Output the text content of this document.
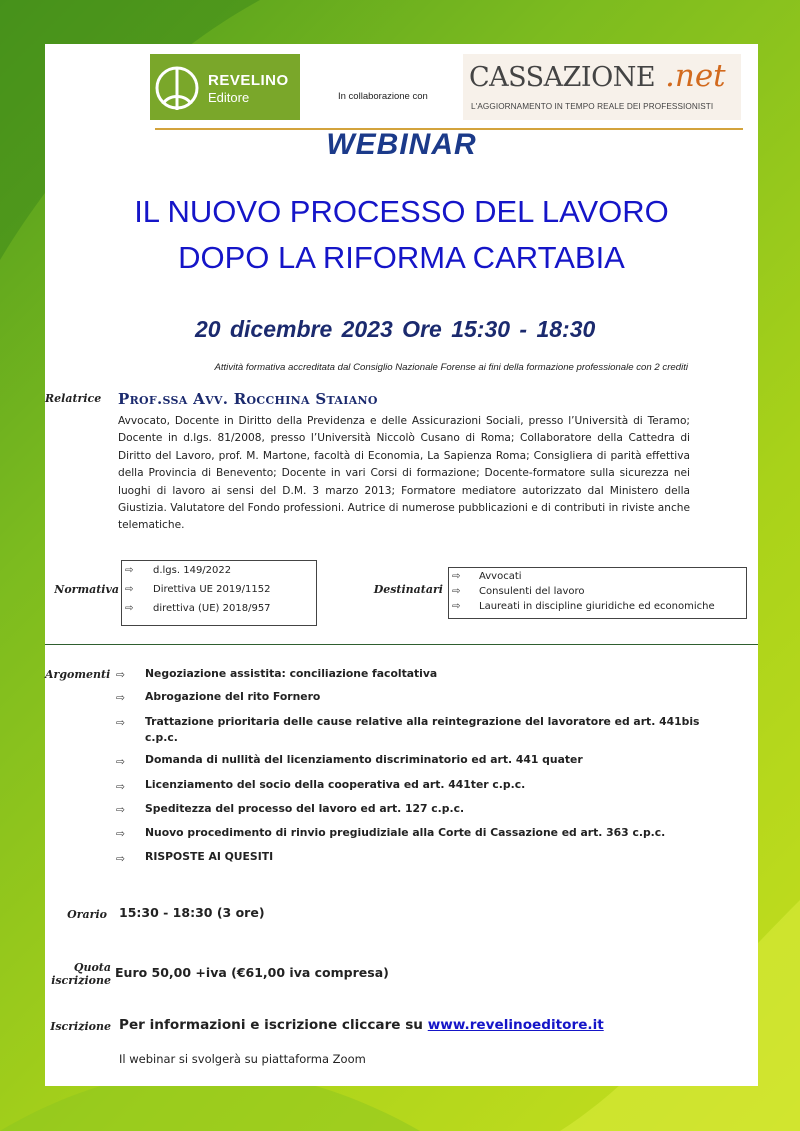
REVELINO
Editore	In collaborazione con
CASSAZIONE .net
L'AGGIORNAMENTO IN TEMPO REALE DEI PROFESSIONISTI
WEBINAR
IL NUOVO PROCESSO DEL LAVORO
DOPO LA RIFORMA CARTABIA
20 dicembre 2023 Ore 15:30 - 18:30
Attività formativa accreditata dal Consiglio Nazionale Forense ai fini della formazione professionale con 2 crediti
Relatrice Prof.ssa Avv. Rocchina Staiano
Avvocato, Docente in Diritto della Previdenza e delle Assicurazioni Sociali, presso l’Università di Teramo; Docente in d.lgs. 81/2008, presso l’Università Niccolò Cusano di Roma; Collaboratore della Cattedra di Diritto del Lavoro, prof. M. Martone, facoltà di Economia, La Sapienza Roma; Consigliera di parità effettiva della Provincia di Benevento; Docente in vari Corsi di formazione; Docente-formatore sulla sicurezza nei luoghi di lavoro ai sensi del D.M. 3 marzo 2013; Formatore mediatore autorizzato dal Ministero della Giustizia. Valutatore del Fondo professioni. Autrice di numerose pubblicazioni e di contributi in riviste anche telematiche.
Normativa
⇨ d.lgs. 149/2022
⇨ Direttiva UE 2019/1152
⇨ direttiva (UE) 2018/957
Destinatari
⇨ Avvocati
⇨ Consulenti del lavoro
⇨ Laureati in discipline giuridiche ed economiche
Argomenti ⇨ Negoziazione assistita: conciliazione facoltativa
⇨ Abrogazione del rito Fornero
⇨ Trattazione prioritaria delle cause relative alla reintegrazione del lavoratore ed art. 441bis c.p.c.
⇨ Domanda di nullità del licenziamento discriminatorio ed art. 441 quater
⇨ Licenziamento del socio della cooperativa ed art. 441ter c.p.c.
⇨ Speditezza del processo del lavoro ed art. 127 c.p.c.
⇨ Nuovo procedimento di rinvio pregiudiziale alla Corte di Cassazione ed art. 363 c.p.c.
⇨ RISPOSTE AI QUESITI
Orario 15:30 - 18:30 (3 ore)
Quota
iscrizione
Euro 50,00 +iva (€61,00 iva compresa)
Iscrizione Per informazioni e iscrizione cliccare su www.revelinoeditore.it
Il webinar si svolgerà su piattaforma Zoom
